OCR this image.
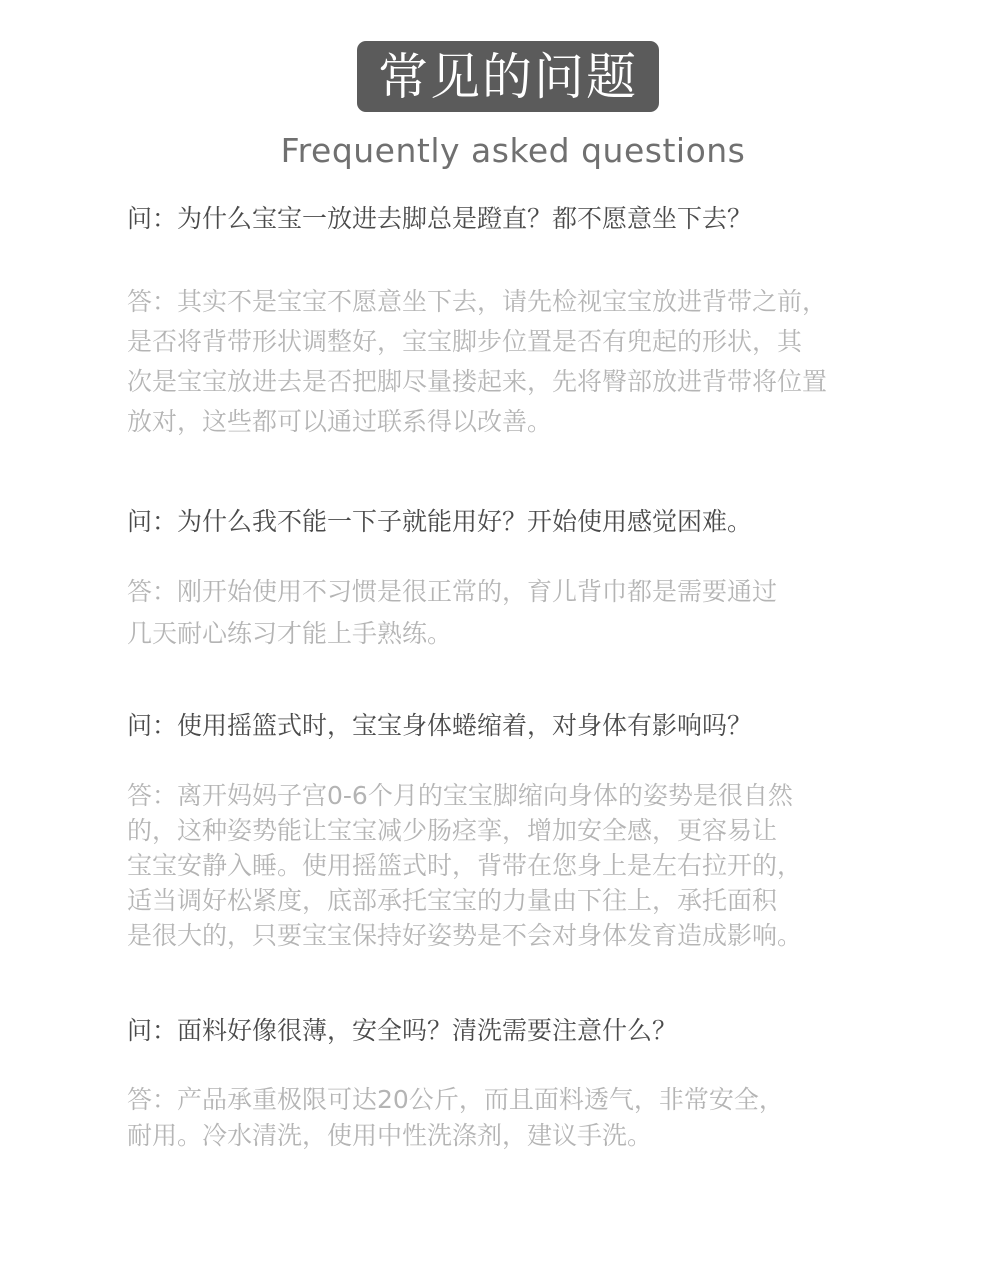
常见的问题
Frequently asked questions
问：为什么宝宝一放进去脚总是蹬直？都不愿意坐下去？
答：其实不是宝宝不愿意坐下去，请先检视宝宝放进背带之前，
是否将背带形状调整好，宝宝脚步位置是否有兜起的形状，其
次是宝宝放进去是否把脚尽量搂起来，先将臀部放进背带将位置
放对，这些都可以通过联系得以改善。
问：为什么我不能一下子就能用好？开始使用感觉困难。
答：刚开始使用不习惯是很正常的，育儿背巾都是需要通过
几天耐心练习才能上手熟练。
问：使用摇篮式时，宝宝身体蜷缩着，对身体有影响吗？
答：离开妈妈子宫0-6个月的宝宝脚缩向身体的姿势是很自然
的，这种姿势能让宝宝减少肠痉挛，增加安全感，更容易让
宝宝安静入睡。使用摇篮式时，背带在您身上是左右拉开的，
适当调好松紧度，底部承托宝宝的力量由下往上，承托面积
是很大的，只要宝宝保持好姿势是不会对身体发育造成影响。
问：面料好像很薄，安全吗？清洗需要注意什么？
答：产品承重极限可达20公斤，而且面料透气，非常安全，
耐用。冷水清洗，使用中性洗涤剂，建议手洗。
